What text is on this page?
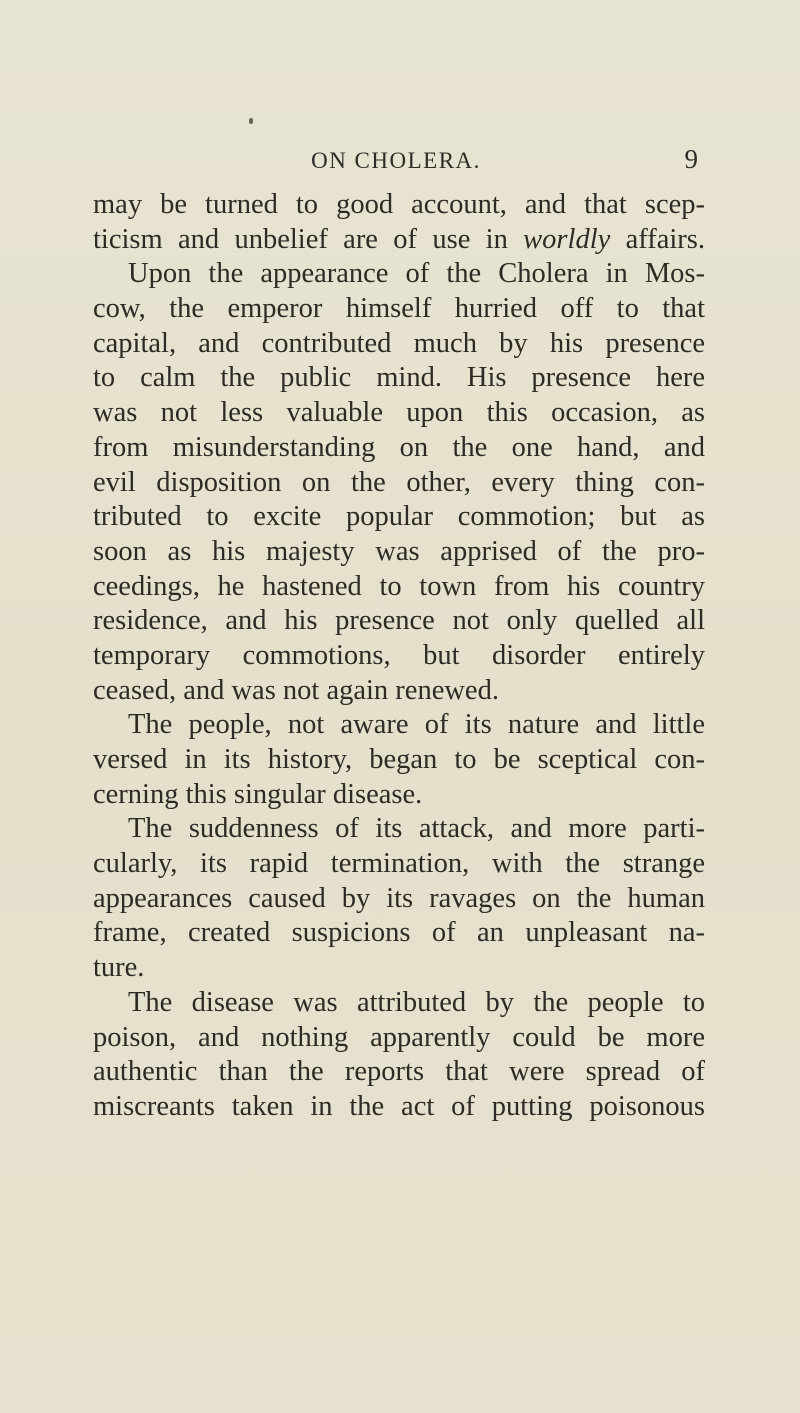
ON CHOLERA.	9
may be turned to good account, and that scep-
ticism and unbelief are of use in worldly affairs.
Upon the appearance of the Cholera in Mos-
cow, the emperor himself hurried off to that
capital, and contributed much by his presence
to calm the public mind. His presence here
was not less valuable upon this occasion, as
from misunderstanding on the one hand, and
evil disposition on the other, every thing con-
tributed to excite popular commotion; but as
soon as his majesty was apprised of the pro-
ceedings, he hastened to town from his country
residence, and his presence not only quelled all
temporary commotions, but disorder entirely
ceased, and was not again renewed.
The people, not aware of its nature and little
versed in its history, began to be sceptical con-
cerning this singular disease.
The suddenness of its attack, and more parti-
cularly, its rapid termination, with the strange
appearances caused by its ravages on the human
frame, created suspicions of an unpleasant na-
ture.
The disease was attributed by the people to
poison, and nothing apparently could be more
authentic than the reports that were spread of
miscreants taken in the act of putting poisonous
